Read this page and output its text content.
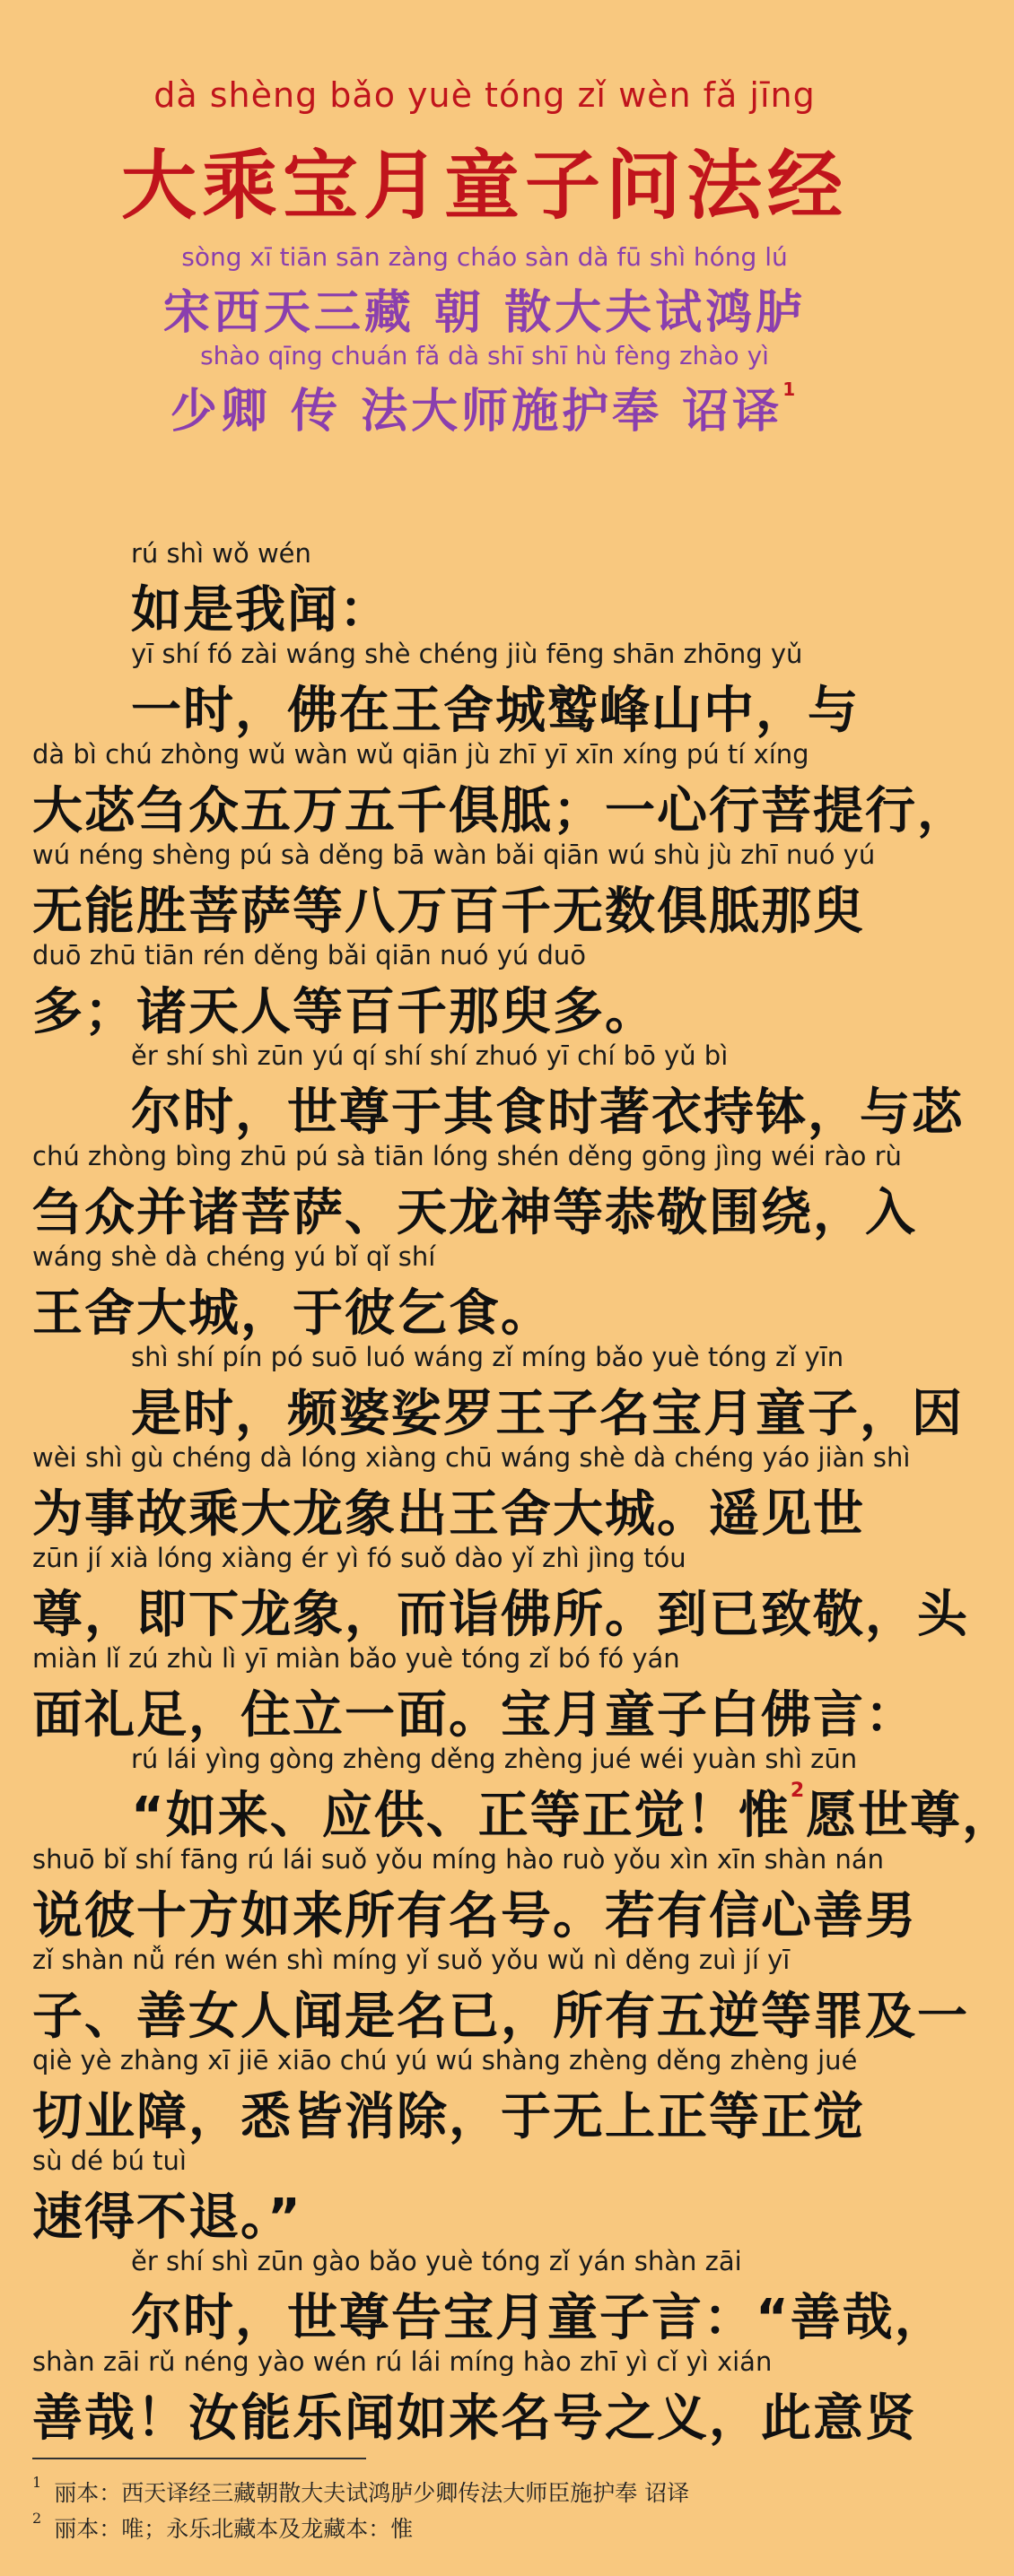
dà shèng bǎo yuè tóng zǐ wèn fǎ jīng
大乘宝月童子问法经
sòng xī tiān sān zàng cháo sàn dà fū shì hóng lú
宋西天三藏 朝 散大夫试鸿胪
shào qīng chuán fǎ dà shī shī hù fèng zhào yì
少卿 传 法大师施护奉 诏译$^1$
rú shì wǒ wén
如是我闻：
yī shí fó zài wáng shè chéng jiù fēng shān zhōng yǔ
一时，佛在王舍城鹫峰山中，与
dà bì chú zhòng wǔ wàn wǔ qiān jù zhī yī xīn xíng pú tí xíng
大苾刍众五万五千俱胝；一心行菩提行，
wú néng shèng pú sà děng bā wàn bǎi qiān wú shù jù zhī nuó yú
无能胜菩萨等八万百千无数俱胝那臾
duō zhū tiān rén děng bǎi qiān nuó yú duō
多；诸天人等百千那臾多。
ěr shí shì zūn yú qí shí shí zhuó yī chí bō yǔ bì
尔时，世尊于其食时著衣持钵，与苾
chú zhòng bìng zhū pú sà tiān lóng shén děng gōng jìng wéi rào rù
刍众并诸菩萨、天龙神等恭敬围绕，入
wáng shè dà chéng yú bǐ qǐ shí
王舍大城，于彼乞食。
shì shí pín pó suō luó wáng zǐ míng bǎo yuè tóng zǐ yīn
是时，频婆娑罗王子名宝月童子，因
wèi shì gù chéng dà lóng xiàng chū wáng shè dà chéng yáo jiàn shì
为事故乘大龙象出王舍大城。遥见世
zūn jí xià lóng xiàng ér yì fó suǒ dào yǐ zhì jìng tóu
尊，即下龙象，而诣佛所。到已致敬，头
miàn lǐ zú zhù lì yī miàn bǎo yuè tóng zǐ bó fó yán
面礼足，住立一面。宝月童子白佛言：
rú lái yìng gòng zhèng děng zhèng jué wéi yuàn shì zūn
“如来、应供、正等正觉！惟$^2$愿世尊，
shuō bǐ shí fāng rú lái suǒ yǒu míng hào ruò yǒu xìn xīn shàn nán
说彼十方如来所有名号。若有信心善男
zǐ shàn nǚ rén wén shì míng yǐ suǒ yǒu wǔ nì děng zuì jí yī
子、善女人闻是名已，所有五逆等罪及一
qiè yè zhàng xī jiē xiāo chú yú wú shàng zhèng děng zhèng jué
切业障，悉皆消除，于无上正等正觉
sù dé bú tuì
速得不退。”
ěr shí shì zūn gào bǎo yuè tóng zǐ yán shàn zāi
尔时，世尊告宝月童子言：“善哉，
shàn zāi rǔ néng yào wén rú lái míng hào zhī yì cǐ yì xián
善哉！汝能乐闻如来名号之义，此意贤
$^1$ 丽本：西天译经三藏朝散大夫试鸿胪少卿传法大师臣施护奉 诏译
$^2$ 丽本：唯；永乐北藏本及龙藏本：惟
